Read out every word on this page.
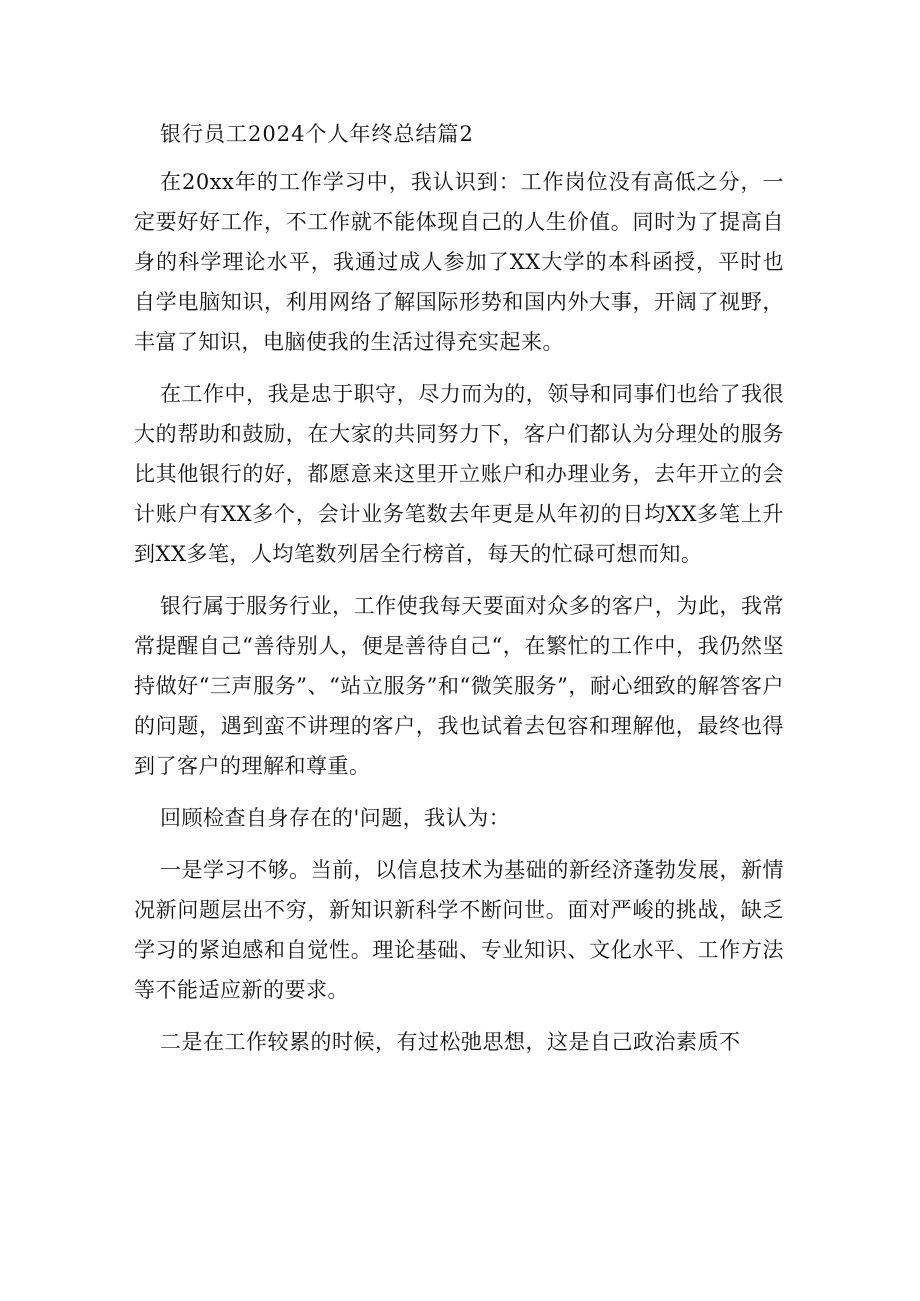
银行员工2024个人年终总结篇2

在20xx年的工作学习中，我认识到：工作岗位没有高低之分，一定要好好工作，不工作就不能体现自己的人生价值。同时为了提高自身的科学理论水平，我通过成人参加了XX大学的本科函授，平时也自学电脑知识，利用网络了解国际形势和国内外大事，开阔了视野，丰富了知识，电脑使我的生活过得充实起来。

在工作中，我是忠于职守，尽力而为的，领导和同事们也给了我很大的帮助和鼓励，在大家的共同努力下，客户们都认为分理处的服务比其他银行的好，都愿意来这里开立账户和办理业务，去年开立的会计账户有XX多个，会计业务笔数去年更是从年初的日均XX多笔上升到XX多笔，人均笔数列居全行榜首，每天的忙碌可想而知。

银行属于服务行业，工作使我每天要面对众多的客户，为此，我常常提醒自己“善待别人，便是善待自己“，在繁忙的工作中，我仍然坚持做好“三声服务”、“站立服务”和“微笑服务”，耐心细致的解答客户的问题，遇到蛮不讲理的客户，我也试着去包容和理解他，最终也得到了客户的理解和尊重。

回顾检查自身存在的'问题，我认为：

一是学习不够。当前，以信息技术为基础的新经济蓬勃发展，新情况新问题层出不穷，新知识新科学不断问世。面对严峻的挑战，缺乏学习的紧迫感和自觉性。理论基础、专业知识、文化水平、工作方法等不能适应新的要求。

二是在工作较累的时候，有过松弛思想，这是自己政治素质不
